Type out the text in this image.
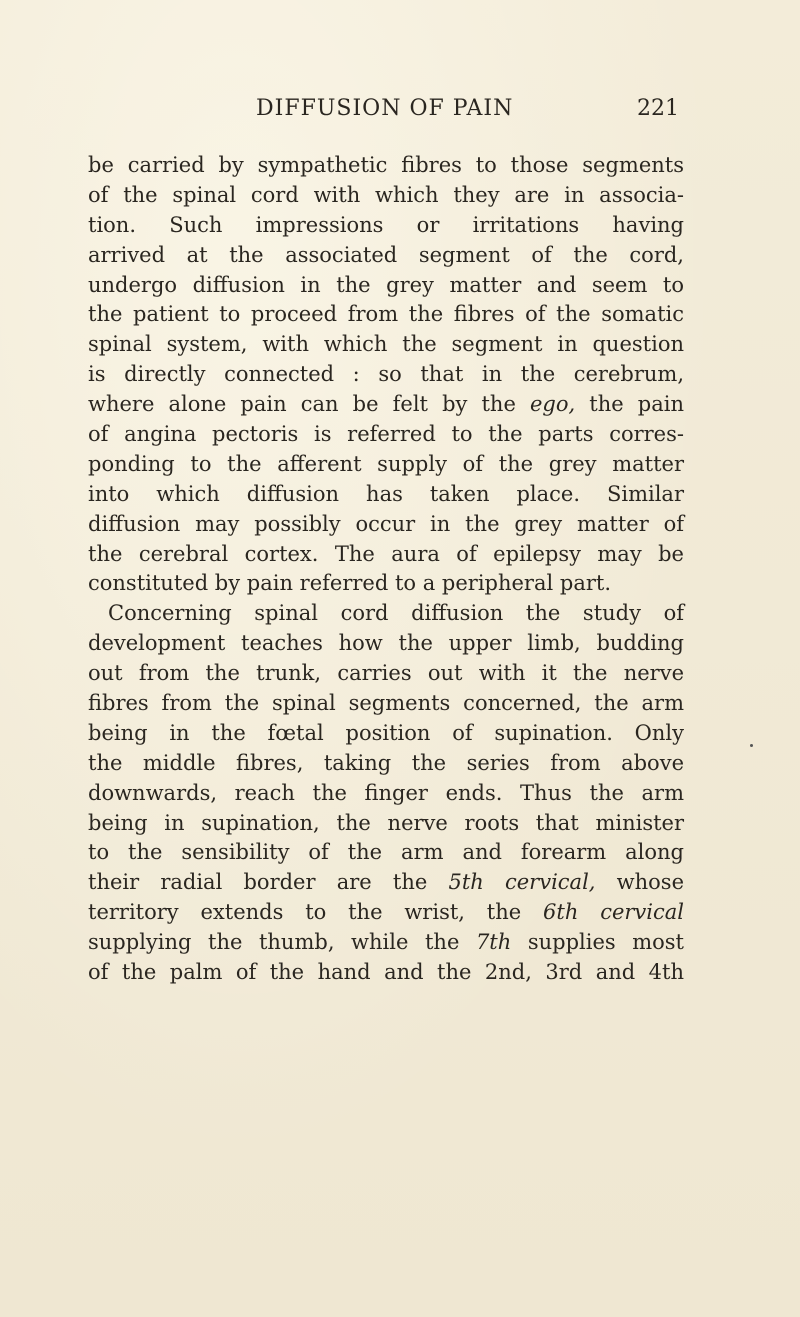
DIFFUSION OF PAIN	221
be carried by sympathetic fibres to those segments
of the spinal cord with which they are in associa-
tion. Such impressions or irritations having
arrived at the associated segment of the cord,
undergo diffusion in the grey matter and seem to
the patient to proceed from the fibres of the somatic
spinal system, with which the segment in question
is directly connected : so that in the cerebrum,
where alone pain can be felt by the ego, the pain
of angina pectoris is referred to the parts corres-
ponding to the afferent supply of the grey matter
into which diffusion has taken place. Similar
diffusion may possibly occur in the grey matter of
the cerebral cortex. The aura of epilepsy may be
constituted by pain referred to a peripheral part.
Concerning spinal cord diffusion the study of
development teaches how the upper limb, budding
out from the trunk, carries out with it the nerve
fibres from the spinal segments concerned, the arm
being in the fœtal position of supination. Only
the middle fibres, taking the series from above
downwards, reach the finger ends. Thus the arm
being in supination, the nerve roots that minister
to the sensibility of the arm and forearm along
their radial border are the 5th cervical, whose
territory extends to the wrist, the 6th cervical
supplying the thumb, while the 7th supplies most
of the palm of the hand and the 2nd, 3rd and 4th
